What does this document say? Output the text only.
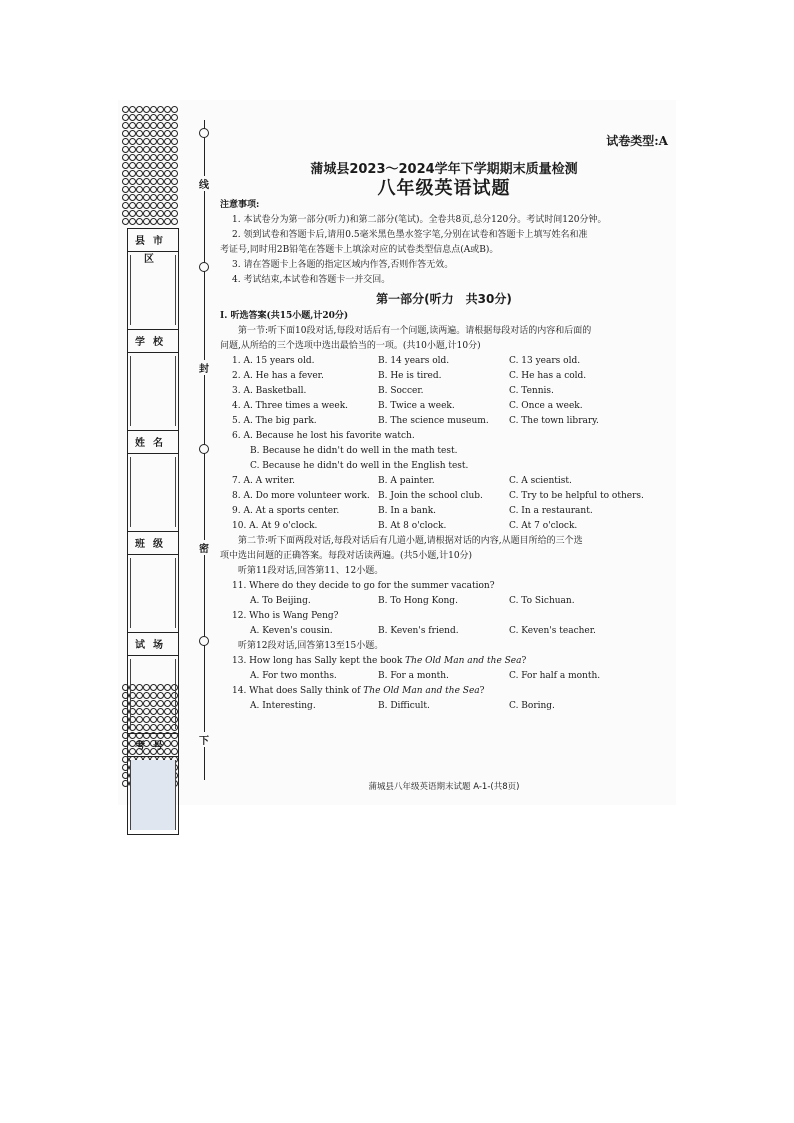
县市区
学校
姓名
班级
试场
考号
线
封
密
下
试卷类型:A
蒲城县2023～2024学年下学期期末质量检测
八年级英语试题
注意事项:

1. 本试卷分为第一部分(听力)和第二部分(笔试)。全卷共8页,总分120分。考试时间120分钟。

2. 领到试卷和答题卡后,请用0.5毫米黑色墨水签字笔,分别在试卷和答题卡上填写姓名和准

考证号,同时用2B铅笔在答题卡上填涂对应的试卷类型信息点(A或B)。

3. 请在答题卡上各题的指定区域内作答,否则作答无效。

4. 考试结束,本试卷和答题卡一并交回。

第一部分(听力　共30分)
Ⅰ. 听选答案(共15小题,计20分)

第一节:听下面10段对话,每段对话后有一个问题,读两遍。请根据每段对话的内容和后面的

问题,从所给的三个选项中选出最恰当的一项。(共10小题,计10分)

1. A. 15 years old.	B. 14 years old.	C. 13 years old.
2. A. He has a fever.	B. He is tired.	C. He has a cold.
3. A. Basketball.	B. Soccer.	C. Tennis.
4. A. Three times a week.	B. Twice a week.	C. Once a week.
5. A. The big park.	B. The science museum.	C. The town library.
6. A. Because he lost his favorite watch.
B. Because he didn't do well in the math test.
C. Because he didn't do well in the English test.
7. A. A writer.	B. A painter.	C. A scientist.
8. A. Do more volunteer work. B. Join the school club.	C. Try to be helpful to others.
9. A. At a sports center.	B. In a bank.	C. In a restaurant.
10. A. At 9 o'clock.	B. At 8 o'clock.	C. At 7 o'clock.

第二节:听下面两段对话,每段对话后有几道小题,请根据对话的内容,从题目所给的三个选

项中选出问题的正确答案。每段对话读两遍。(共5小题,计10分)

听第11段对话,回答第11、12小题。
11. Where do they decide to go for the summer vacation?
A. To Beijing.	B. To Hong Kong.	C. To Sichuan.
12. Who is Wang Peng?
A. Keven's cousin.	B. Keven's friend.	C. Keven's teacher.
听第12段对话,回答第13至15小题。
13. How long has Sally kept the book The Old Man and the Sea?
A. For two months.	B. For a month.	C. For half a month.
14. What does Sally think of The Old Man and the Sea?
A. Interesting.	B. Difficult.	C. Boring.
蒲城县八年级英语期末试题 A-1-(共8页)
